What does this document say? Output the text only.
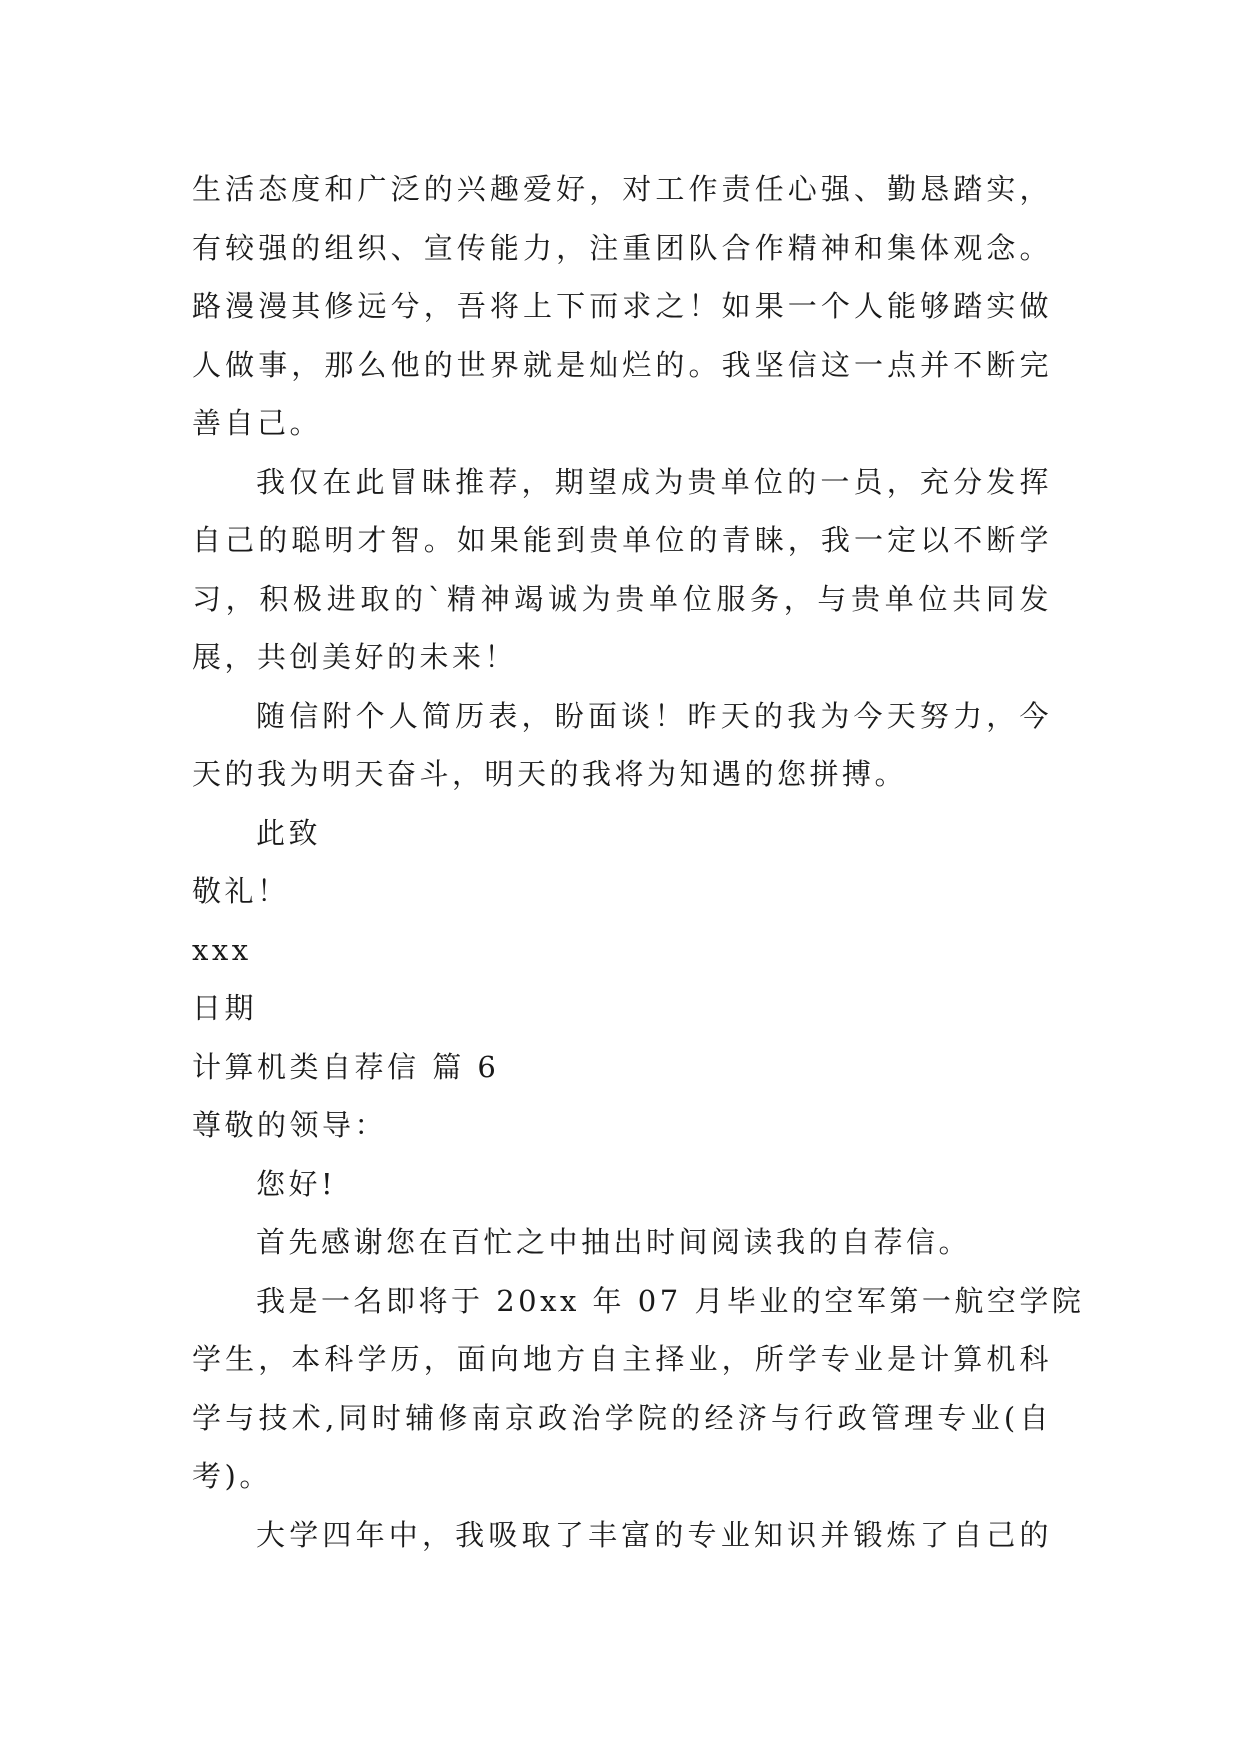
生活态度和广泛的兴趣爱好，对工作责任心强、勤恳踏实，
有较强的组织、宣传能力，注重团队合作精神和集体观念。
路漫漫其修远兮，吾将上下而求之！如果一个人能够踏实做
人做事，那么他的世界就是灿烂的。我坚信这一点并不断完
善自己。
我仅在此冒昧推荐，期望成为贵单位的一员，充分发挥
自己的聪明才智。如果能到贵单位的青睐，我一定以不断学
习，积极进取的`精神竭诚为贵单位服务，与贵单位共同发
展，共创美好的未来！
随信附个人简历表，盼面谈！昨天的我为今天努力，今
天的我为明天奋斗，明天的我将为知遇的您拼搏。
此致
敬礼！
xxx
日期
计算机类自荐信 篇 6
尊敬的领导：
您好!
首先感谢您在百忙之中抽出时间阅读我的自荐信。
我是一名即将于 20xx 年 07 月毕业的空军第一航空学院
学生，本科学历，面向地方自主择业，所学专业是计算机科
学与技术,同时辅修南京政治学院的经济与行政管理专业(自
考)。
大学四年中，我吸取了丰富的专业知识并锻炼了自己的
